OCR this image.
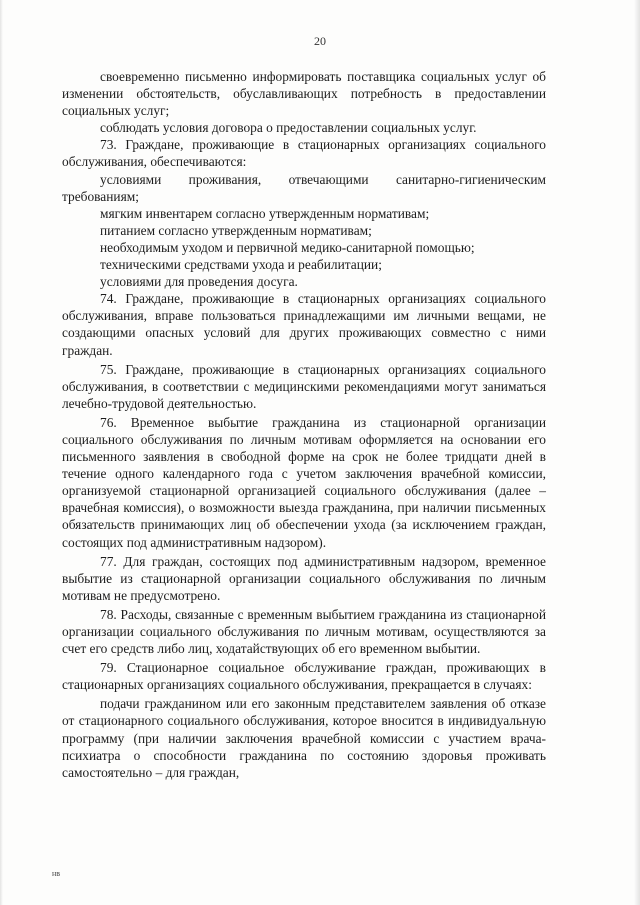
20

своевременно письменно информировать поставщика социальных услуг об изменении обстоятельств, обуславливающих потребность в предоставлении социальных услуг;

соблюдать условия договора о предоставлении социальных услуг.

73. Граждане, проживающие в стационарных организациях социального обслуживания, обеспечиваются:

условиями проживания, отвечающими санитарно-гигиеническим требованиям;

мягким инвентарем согласно утвержденным нормативам;

питанием согласно утвержденным нормативам;

необходимым уходом и первичной медико-санитарной помощью;

техническими средствами ухода и реабилитации;

условиями для проведения досуга.

74. Граждане, проживающие в стационарных организациях социального обслуживания, вправе пользоваться принадлежащими им личными вещами, не создающими опасных условий для других проживающих совместно с ними граждан.

75. Граждане, проживающие в стационарных организациях социального обслуживания, в соответствии с медицинскими рекомендациями могут заниматься лечебно-трудовой деятельностью.

76. Временное выбытие гражданина из стационарной организации социального обслуживания по личным мотивам оформляется на основании его письменного заявления в свободной форме на срок не более тридцати дней в течение одного календарного года с учетом заключения врачебной комиссии, организуемой стационарной организацией социального обслуживания (далее – врачебная комиссия), о возможности выезда гражданина, при наличии письменных обязательств принимающих лиц об обеспечении ухода (за исключением граждан, состоящих под административным надзором).

77. Для граждан, состоящих под административным надзором, временное выбытие из стационарной организации социального обслуживания по личным мотивам не предусмотрено.

78. Расходы, связанные с временным выбытием гражданина из стационарной организации социального обслуживания по личным мотивам, осуществляются за счет его средств либо лиц, ходатайствующих об его временном выбытии.

79. Стационарное социальное обслуживание граждан, проживающих в стационарных организациях социального обслуживания, прекращается в случаях:

подачи гражданином или его законным представителем заявления об отказе от стационарного социального обслуживания, которое вносится в индивидуальную программу (при наличии заключения врачебной комиссии с участием врача-психиатра о способности гражданина по состоянию здоровья проживать самостоятельно – для граждан,

нв
